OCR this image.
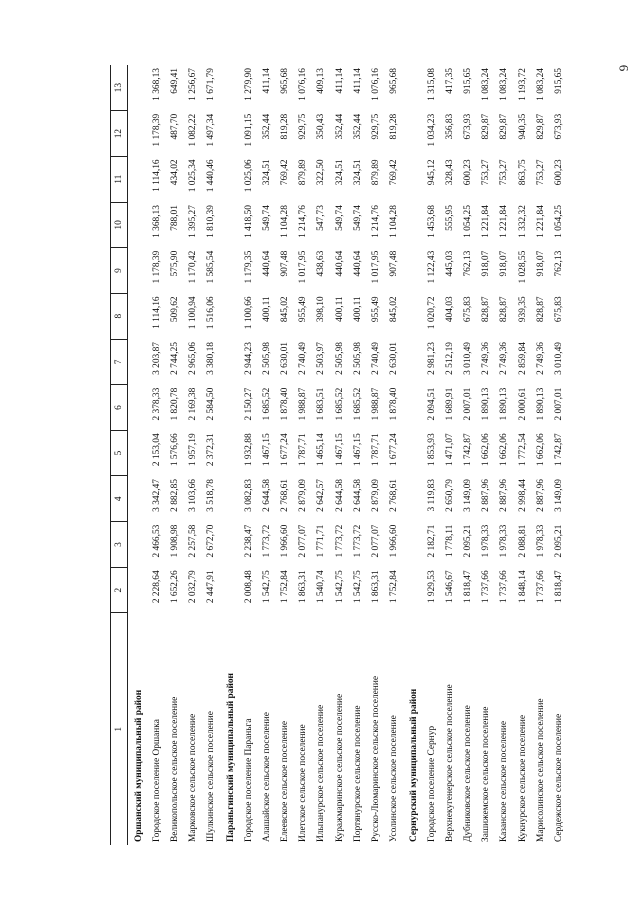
6
1	2	3	4	5	6	7	8	9	10	11	12	13
Оршанский муниципальный район												
Городское поселение Оршанка	2 228,64	2 466,53	3 342,47	2 153,04	2 378,33	3 203,87	1 114,16	1 178,39	1 368,13	1 114,16	1 178,39	1 368,13
Великопольское сельское поселение	1 652,26	1 908,98	2 882,85	1 576,66	1 820,78	2 744,25	509,62	575,90	788,01	434,02	487,70	649,41
Марковское сельское поселение	2 032,79	2 257,58	3 103,66	1 957,19	2 169,38	2 965,06	1 100,94	1 170,42	1 395,27	1 025,34	1 082,22	1 256,67
Шулкинское сельское поселение	2 447,91	2 672,70	3 518,78	2 372,31	2 584,50	3 380,18	1 516,06	1 585,54	1 810,39	1 440,46	1 497,34	1 671,79
Параньгинский муниципальный район												
Городское поселение Параньга	2 008,48	2 238,47	3 082,83	1 932,88	2 150,27	2 944,23	1 100,66	1 179,35	1 418,50	1 025,06	1 091,15	1 279,90
Алашайское сельское поселение	1 542,75	1 773,72	2 644,58	1 467,15	1 685,52	2 505,98	400,11	440,64	549,74	324,51	352,44	411,14
Елеевское сельское поселение	1 752,84	1 966,60	2 768,61	1 677,24	1 878,40	2 630,01	845,02	907,48	1 104,28	769,42	819,28	965,68
Илетское сельское поселение	1 863,31	2 077,07	2 879,09	1 787,71	1 988,87	2 740,49	955,49	1 017,95	1 214,76	879,89	929,75	1 076,16
Ильпанурское сельское поселение	1 540,74	1 771,71	2 642,57	1 465,14	1 683,51	2 503,97	398,10	438,63	547,73	322,50	350,43	409,13
Куражмаринское сельское поселение	1 542,75	1 773,72	2 644,58	1 467,15	1 685,52	2 505,98	400,11	440,64	549,74	324,51	352,44	411,14
Портянурское сельское поселение	1 542,75	1 773,72	2 644,58	1 467,15	1 685,52	2 505,98	400,11	440,64	549,74	324,51	352,44	411,14
Русско-Люмаринское сельское поселение	1 863,31	2 077,07	2 879,09	1 787,71	1 988,87	2 740,49	955,49	1 017,95	1 214,76	879,89	929,75	1 076,16
Усолинское сельское поселение	1 752,84	1 966,60	2 768,61	1 677,24	1 878,40	2 630,01	845,02	907,48	1 104,28	769,42	819,28	965,68
Сернурский муниципальный район												
Городское поселение Сернур	1 929,53	2 182,71	3 119,83	1 853,93	2 094,51	2 981,23	1 020,72	1 122,43	1 453,68	945,12	1 034,23	1 315,08
Верхнекугенерское сельское поселение	1 546,67	1 778,11	2 650,79	1 471,07	1 689,91	2 512,19	404,03	445,03	555,95	328,43	356,83	417,35
Дубниковское сельское поселение	1 818,47	2 095,21	3 149,09	1 742,87	2 007,01	3 010,49	675,83	762,13	1 054,25	600,23	673,93	915,65
Зашижемское сельское поселение	1 737,66	1 978,33	2 887,96	1 662,06	1 890,13	2 749,36	828,87	918,07	1 221,84	753,27	829,87	1 083,24
Казанское сельское поселение	1 737,66	1 978,33	2 887,96	1 662,06	1 890,13	2 749,36	828,87	918,07	1 221,84	753,27	829,87	1 083,24
Кукнурское сельское поселение	1 848,14	2 088,81	2 998,44	1 772,54	2 000,61	2 859,84	939,35	1 028,55	1 332,32	863,75	940,35	1 193,72
Марисолинское сельское поселение	1 737,66	1 978,33	2 887,96	1 662,06	1 890,13	2 749,36	828,87	918,07	1 221,84	753,27	829,87	1 083,24
Сердежское сельское поселение	1 818,47	2 095,21	3 149,09	1 742,87	2 007,01	3 010,49	675,83	762,13	1 054,25	600,23	673,93	915,65
